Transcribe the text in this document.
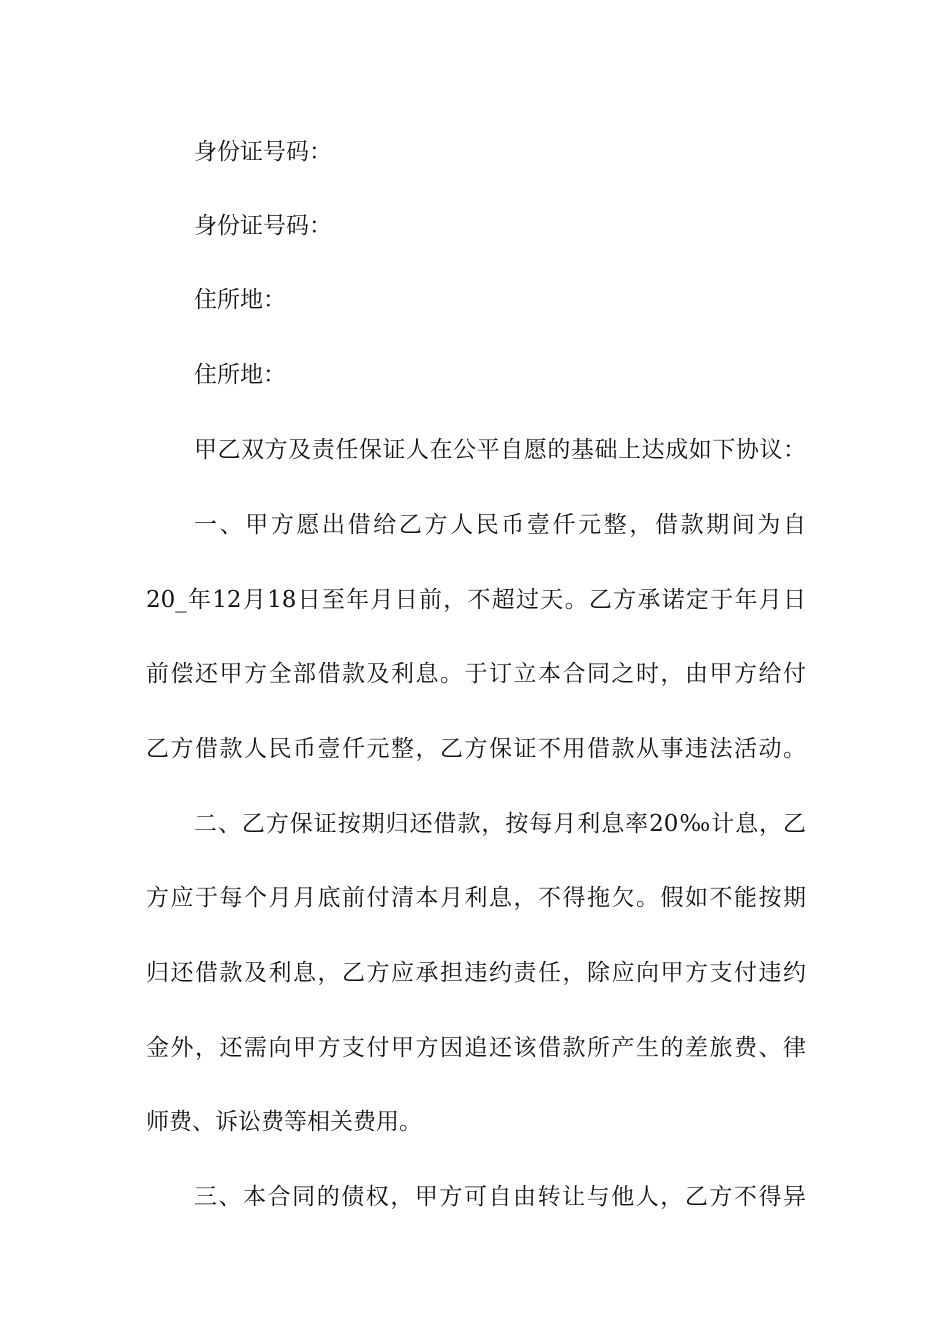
身份证号码：
身份证号码：
住所地：
住所地：
甲乙双方及责任保证人在公平自愿的基础上达成如下协议：
一、甲方愿出借给乙方人民币壹仟元整，借款期间为自
20_年12月18日至年月日前，不超过天。乙方承诺定于年月日
前偿还甲方全部借款及利息。于订立本合同之时，由甲方给付
乙方借款人民币壹仟元整，乙方保证不用借款从事违法活动。
二、乙方保证按期归还借款，按每月利息率20‰计息，乙
方应于每个月月底前付清本月利息，不得拖欠。假如不能按期
归还借款及利息，乙方应承担违约责任，除应向甲方支付违约
金外，还需向甲方支付甲方因追还该借款所产生的差旅费、律
师费、诉讼费等相关费用。
三、本合同的债权，甲方可自由转让与他人，乙方不得异
